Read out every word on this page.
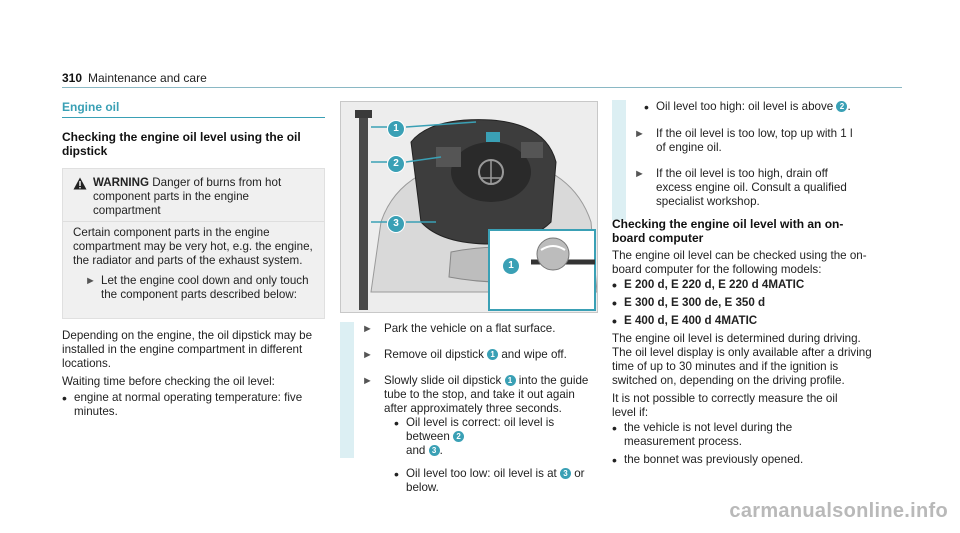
310 Maintenance and care
Engine oil
Checking the engine oil level using the oil dipstick
WARNING Danger of burns from hot component parts in the engine compartment
Certain component parts in the engine compartment may be very hot, e.g. the engine, the radiator and parts of the exhaust system.
► Let the engine cool down and only touch the component parts described below:

Depending on the engine, the oil dipstick may be installed in the engine compartment in different locations.

Waiting time before checking the oil level:

• engine at normal operating temperature: five minutes.
1
2
3
1
► Park the vehicle on a flat surface.
► Remove oil dipstick 1 and wipe off.
► Slowly slide oil dipstick 1 into the guide tube to the stop, and take it out again after approximately three seconds.
• Oil level is correct: oil level is between 2
and 3 .
• Oil level too low: oil level is at 3 or below.
• Oil level too high: oil level is above 2 .
► If the oil level is too low, top up with 1 l of engine oil.
► If the oil level is too high, drain off excess engine oil. Consult a qualified specialist workshop.
Checking the engine oil level with an on-board computer

The engine oil level can be checked using the on-board computer for the following models:

• E 200 d, E 220 d, E 220 d 4MATIC
• E 300 d, E 300 de, E 350 d
• E 400 d, E 400 d 4MATIC

The engine oil level is determined during driving. The oil level display is only available after a driving time of up to 30 minutes and if the ignition is switched on, depending on the driving profile.

It is not possible to correctly measure the oil level if:

• the vehicle is not level during the measurement process.
• the bonnet was previously opened.
carmanualsonline.info
